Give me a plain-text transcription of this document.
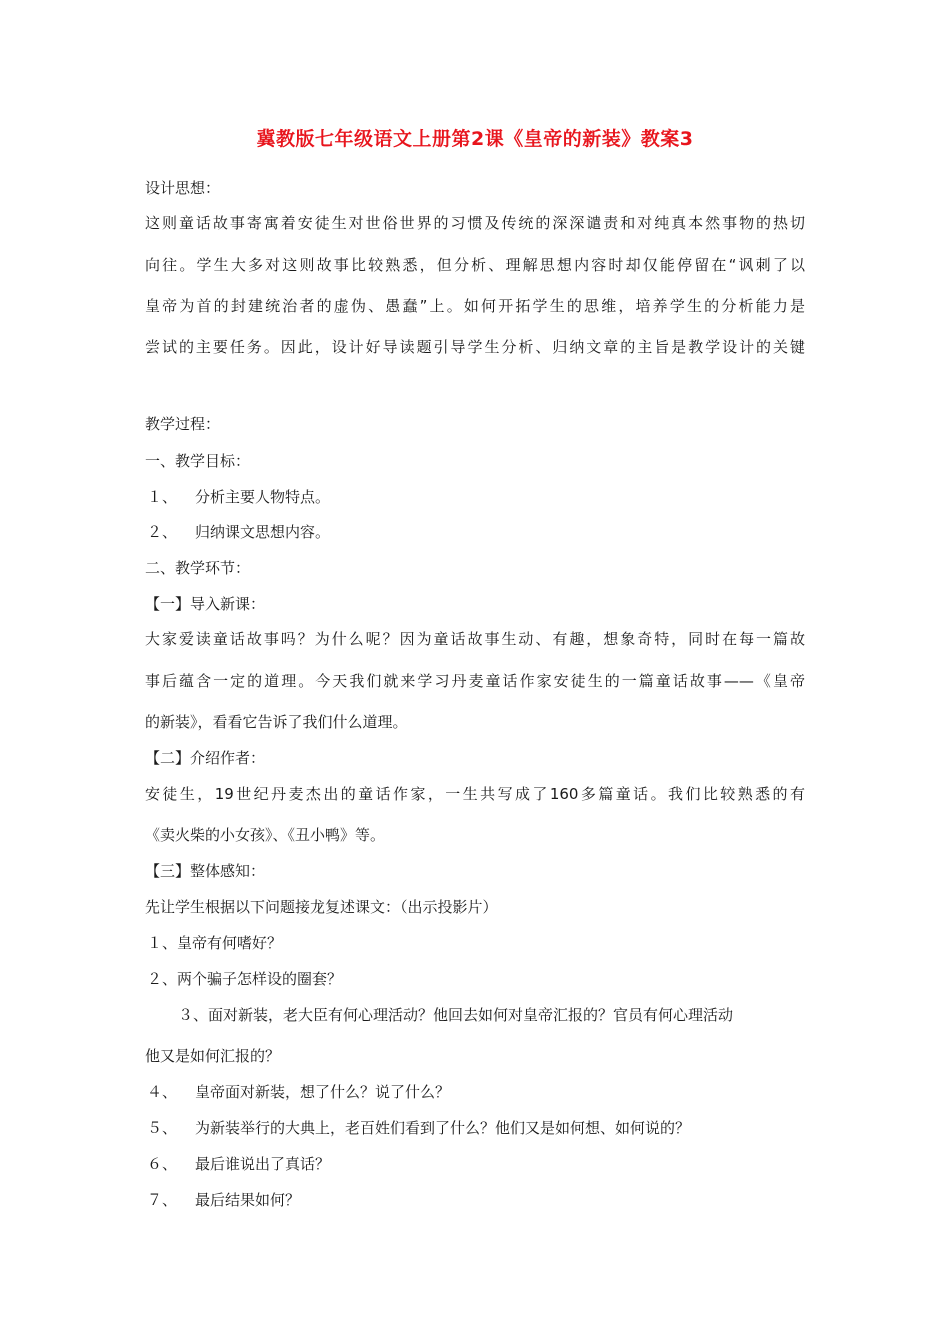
冀教版七年级语文上册第2课《皇帝的新装》教案3
设计思想：
这则童话故事寄寓着安徒生对世俗世界的习惯及传统的深深谴责和对纯真本然事物的热切
向往。学生大多对这则故事比较熟悉，但分析、理解思想内容时却仅能停留在“讽刺了以
皇帝为首的封建统治者的虚伪、愚蠢”上。如何开拓学生的思维，培养学生的分析能力是
尝试的主要任务。因此，设计好导读题引导学生分析、归纳文章的主旨是教学设计的关键
教学过程：
一、教学目标：
１、 分析主要人物特点。
２、 归纳课文思想内容。
二、教学环节：
【一】导入新课：
大家爱读童话故事吗？为什么呢？因为童话故事生动、有趣，想象奇特，同时在每一篇故
事后蕴含一定的道理。今天我们就来学习丹麦童话作家安徒生的一篇童话故事——《皇帝
的新装》，看看它告诉了我们什么道理。
【二】介绍作者：
安徒生，19世纪丹麦杰出的童话作家，一生共写成了160多篇童话。我们比较熟悉的有
《卖火柴的小女孩》、《丑小鸭》等。
【三】整体感知：
先让学生根据以下问题接龙复述课文：（出示投影片）
１、皇帝有何嗜好？
２、两个骗子怎样设的圈套？
３、面对新装，老大臣有何心理活动？他回去如何对皇帝汇报的？官员有何心理活动
他又是如何汇报的？
４、 皇帝面对新装，想了什么？说了什么？
５、 为新装举行的大典上，老百姓们看到了什么？他们又是如何想、如何说的？
６、 最后谁说出了真话？
７、 最后结果如何？
